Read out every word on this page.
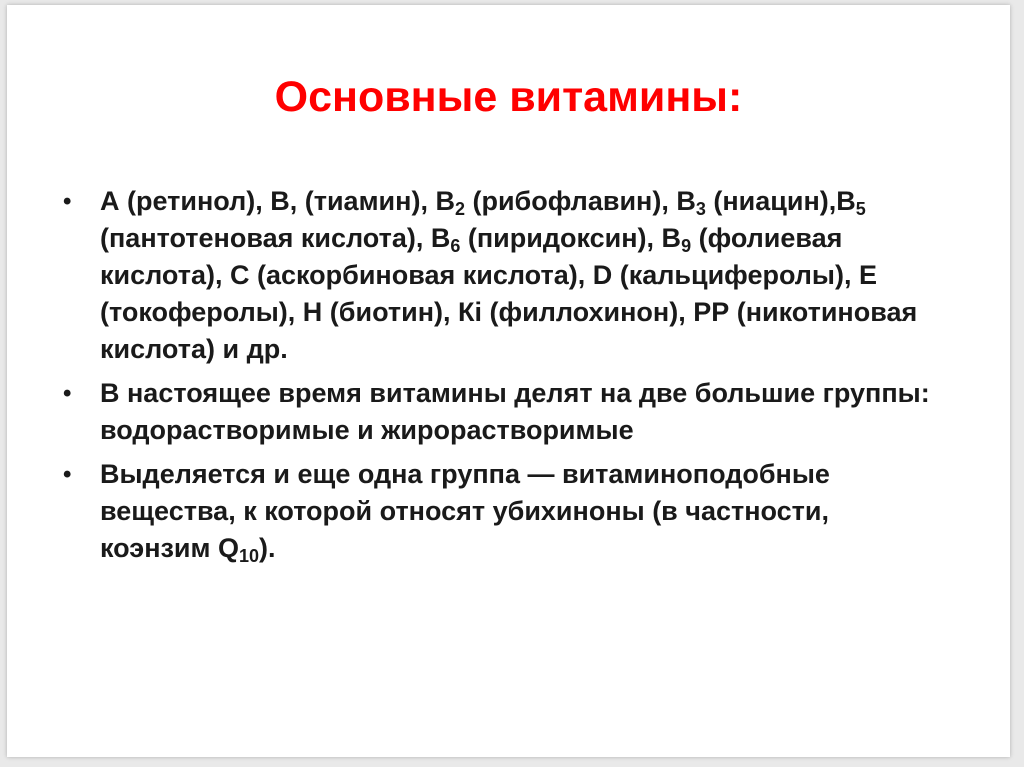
Основные витамины:
• А (ретинол), В, (тиамин), $В_2$ (рибофлавин), $В_3$ $(ниацин),В_5$ (пантотеновая кислота), $В_6$ (пиридоксин), $В_9$ (фолиевая кислота), С (аскорбиновая кислота), D (кальциферолы), Е (токоферолы), Н (биотин), Кi (филлохинон), РР (никотиновая кислота) и др.
• В настоящее время витамины делят на две большие группы: водорастворимые и жирорастворимые
• Выделяется и еще одна группа — витаминоподобные вещества, к которой относят убихиноны (в частности, коэнзим $Q_{10}$).
